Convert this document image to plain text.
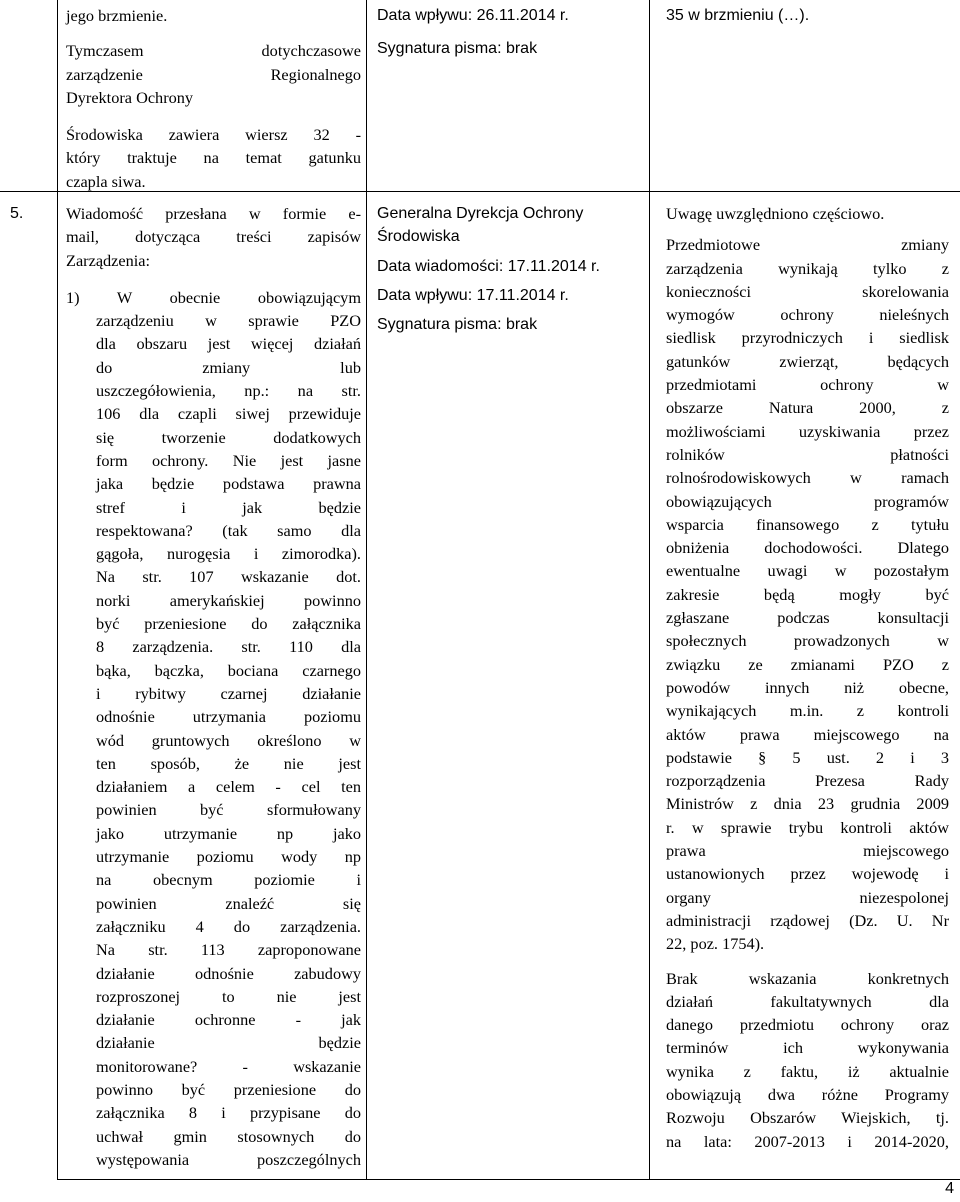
jego brzmienie.
Tymczasem dotychczasowe
zarządzenie Regionalnego
Dyrektora Ochrony
Środowiska zawiera wiersz 32 -
który traktuje na temat gatunku
czapla siwa.

Data wpływu: 26.11.2014 r.

Sygnatura pisma: brak

35 w brzmieniu (…).

5.	Wiadomość przesłana w formie e-
mail, dotycząca treści zapisów
Zarządzenia:
1) W obecnie obowiązującym
zarządzeniu w sprawie PZO
dla obszaru jest więcej działań
do zmiany lub
uszczegółowienia, np.: na str.
106 dla czapli siwej przewiduje
się tworzenie dodatkowych
form ochrony. Nie jest jasne
jaka będzie podstawa prawna
stref i jak będzie
respektowana? (tak samo dla
gągoła, nurogęsia i zimorodka).
Na str. 107 wskazanie dot.
norki amerykańskiej powinno
być przeniesione do załącznika
8 zarządzenia. str. 110 dla
bąka, bączka, bociana czarnego
i rybitwy czarnej działanie
odnośnie utrzymania poziomu
wód gruntowych określono w
ten sposób, że nie jest
działaniem a celem - cel ten
powinien być sformułowany
jako utrzymanie np jako
utrzymanie poziomu wody np
na obecnym poziomie i
powinien znaleźć się
załączniku 4 do zarządzenia.
Na str. 113 zaproponowane
działanie odnośnie zabudowy
rozproszonej to nie jest
działanie ochronne - jak
działanie będzie
monitorowane? - wskazanie
powinno być przeniesione do
załącznika 8 i przypisane do
uchwał gmin stosownych do
występowania poszczególnych
Generalna Dyrekcja Ochrony
Środowiska

Data wiadomości: 17.11.2014 r.

Data wpływu: 17.11.2014 r.

Sygnatura pisma: brak

Uwagę uwzględniono częściowo.

Przedmiotowe zmiany
zarządzenia wynikają tylko z
konieczności skorelowania
wymogów ochrony nieleśnych
siedlisk przyrodniczych i siedlisk
gatunków zwierząt, będących
przedmiotami ochrony w
obszarze Natura 2000, z
możliwościami uzyskiwania przez
rolników płatności
rolnośrodowiskowych w ramach
obowiązujących programów
wsparcia finansowego z tytułu
obniżenia dochodowości. Dlatego
ewentualne uwagi w pozostałym
zakresie będą mogły być
zgłaszane podczas konsultacji
społecznych prowadzonych w
związku ze zmianami PZO z
powodów innych niż obecne,
wynikających m.in. z kontroli
aktów prawa miejscowego na
podstawie § 5 ust. 2 i 3
rozporządzenia Prezesa Rady
Ministrów z dnia 23 grudnia 2009
r. w sprawie trybu kontroli aktów
prawa miejscowego
ustanowionych przez wojewodę i
organy niezespolonej
administracji rządowej (Dz. U. Nr
22, poz. 1754).
Brak wskazania konkretnych
działań fakultatywnych dla
danego przedmiotu ochrony oraz
terminów ich wykonywania
wynika z faktu, iż aktualnie
obowiązują dwa różne Programy
Rozwoju Obszarów Wiejskich, tj.
na lata: 2007-2013 i 2014-2020,
4
